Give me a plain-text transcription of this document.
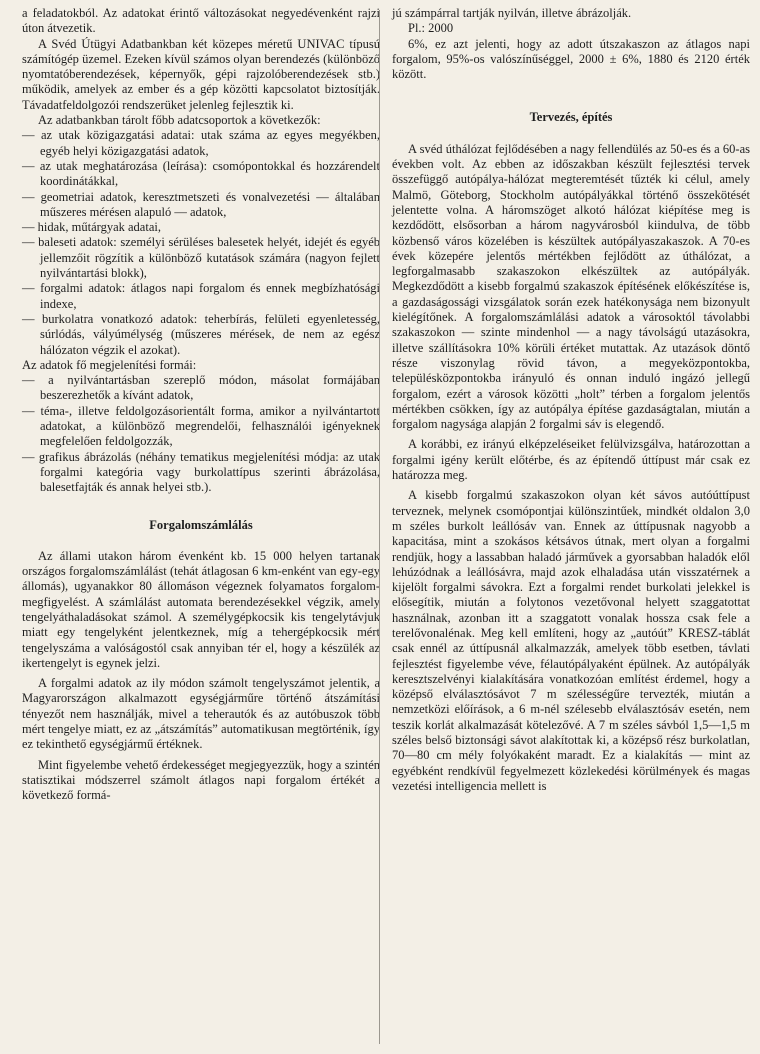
a feladatokból. Az adatokat érintő változásokat negyedévenként rajzi úton átvezetik.

A Svéd Útügyi Adatbankban két közepes méretű UNIVAC típusú számítógép üzemel. Ezeken kívül számos olyan berendezés (különböző nyomtatóberendezések, képernyők, gépi rajzolóberendezések stb.) működik, amelyek az ember és a gép közötti kapcsolatot biztosítják. Távadatfeldolgozói rendszerüket jelenleg fejlesztik ki.

Az adatbankban tárolt főbb adatcsoportok a következők:

— az utak közigazgatási adatai: utak száma az egyes megyékben, egyéb helyi közigazgatási adatok,

— az utak meghatározása (leírása): csomópontokkal és hozzárendelt koordinátákkal,

— geometriai adatok, keresztmetszeti és vonalvezetési — általában műszeres mérésen alapuló — adatok,

— hidak, műtárgyak adatai,

— baleseti adatok: személyi sérüléses balesetek helyét, idejét és egyéb jellemzőit rögzítik a különböző kutatások számára (nagyon fejlett nyilvántartási blokk),

— forgalmi adatok: átlagos napi forgalom és ennek megbízhatósági indexe,

— burkolatra vonatkozó adatok: teherbírás, felületi egyenletesség, súrlódás, vályúmélység (műszeres mérések, de nem az egész hálózaton végzik el azokat).

Az adatok fő megjelenítési formái:

— a nyilvántartásban szereplő módon, másolat formájában beszerezhetők a kívánt adatok,

— téma-, illetve feldolgozásorientált forma, amikor a nyilvántartott adatokat, a különböző megrendelői, felhasználói igényeknek megfelelően feldolgozzák,

— grafikus ábrázolás (néhány tematikus megjelenítési módja: az utak forgalmi kategória vagy burkolattípus szerinti ábrázolása, balesetfajták és annak helyei stb.).

Forgalomszámlálás

Az állami utakon három évenként kb. 15 000 helyen tartanak országos forgalomszámlálást (tehát átlagosan 6 km-enként van egy-egy állomás), ugyanakkor 80 állomáson végeznek folyamatos forgalom-megfigyelést. A számlálást automata berendezésekkel végzik, amely tengelyáthaladásokat számol. A személygépkocsik kis tengelytávjuk miatt egy tengelyként jelentkeznek, míg a tehergépkocsik mért tengelyszáma a valóságostól csak annyiban tér el, hogy a készülék az ikertengelyt is egynek jelzi.

A forgalmi adatok az ily módon számolt tengelyszámot jelentik, a Magyarországon alkalmazott egységjárműre történő átszámítási tényezőt nem használják, mivel a teherautók és az autóbuszok több mért tengelye miatt, ez az „átszámítás” automatikusan megtörténik, így ez tekinthető egységjármű értéknek.

Mint figyelembe vehető érdekességet megjegyezzük, hogy a szintén statisztikai módszerrel számolt átlagos napi forgalom értékét a következő formá-

jú számpárral tartják nyilván, illetve ábrázolják.

Pl.: 2000

6%, ez azt jelenti, hogy az adott útszakaszon az átlagos napi forgalom, 95%-os valószínűséggel, 2000 ± 6%, 1880 és 2120 érték között.

Tervezés, építés

A svéd úthálózat fejlődésében a nagy fellendülés az 50-es és a 60-as években volt. Az ebben az időszakban készült fejlesztési tervek összefüggő autópálya-hálózat megteremtését tűzték ki célul, amely Malmö, Göteborg, Stockholm autópályákkal történő összekötését jelentette volna. A háromszöget alkotó hálózat kiépítése meg is kezdődött, elsősorban a három nagyvárosból kiindulva, de több közbenső város közelében is készültek autópályaszakaszok. A 70-es évek közepére jelentős mértékben fejlődött az úthálózat, a legforgalmasabb szakaszokon elkészültek az autópályák. Megkezdődött a kisebb forgalmú szakaszok építésének előkészítése is, a gazdaságossági vizsgálatok során ezek hatékonysága nem bizonyult kielégítőnek. A forgalomszámlálási adatok a városoktól távolabbi szakaszokon — szinte mindenhol — a nagy távolságú utazásokra, illetve szállításokra 10% körüli értéket mutattak. Az utazások döntő része viszonylag rövid távon, a megyeközpontokba, településközpontokba irányuló és onnan induló ingázó jellegű forgalom, ezért a városok közötti „holt” térben a forgalom jelentős mértékben csökken, így az autópálya építése gazdaságtalan, miután a forgalom nagysága alapján 2 forgalmi sáv is elegendő.

A korábbi, ez irányú elképzeléseiket felülvizsgálva, határozottan a forgalmi igény került előtérbe, és az építendő úttípust már csak ez határozza meg.

A kisebb forgalmú szakaszokon olyan két sávos autóúttípust terveznek, melynek csomópontjai különszintűek, mindkét oldalon 3,0 m széles burkolt leállósáv van. Ennek az úttípusnak nagyobb a kapacitása, mint a szokásos kétsávos útnak, mert olyan a forgalmi rendjük, hogy a lassabban haladó járművek a gyorsabban haladók elől lehúzódnak a leállósávra, majd azok elhaladása után visszatérnek a kijelölt forgalmi sávokra. Ezt a forgalmi rendet burkolati jelekkel is elősegítik, miután a folytonos vezetővonal helyett szaggatottat használnak, azonban itt a szaggatott vonalak hossza csak fele a terelővonalénak. Meg kell említeni, hogy az „autóút” KRESZ-táblát csak ennél az úttípusnál alkalmazzák, amelyek több esetben, távlati fejlesztést figyelembe véve, félautópályaként épülnek. Az autópályák keresztszelvényi kialakítására vonatkozóan említést érdemel, hogy a középső elválasztósávot 7 m szélességűre tervezték, miután a nemzetközi előírások, a 6 m-nél szélesebb elválasztósáv esetén, nem teszik korlát alkalmazását kötelezővé. A 7 m széles sávból 1,5—1,5 m széles belső biztonsági sávot alakítottak ki, a középső rész burkolatlan, 70—80 cm mély folyókaként maradt. Ez a kialakítás — mint az egyébként rendkívül fegyelmezett közlekedési körülmények és magas vezetési intelligencia mellett is
